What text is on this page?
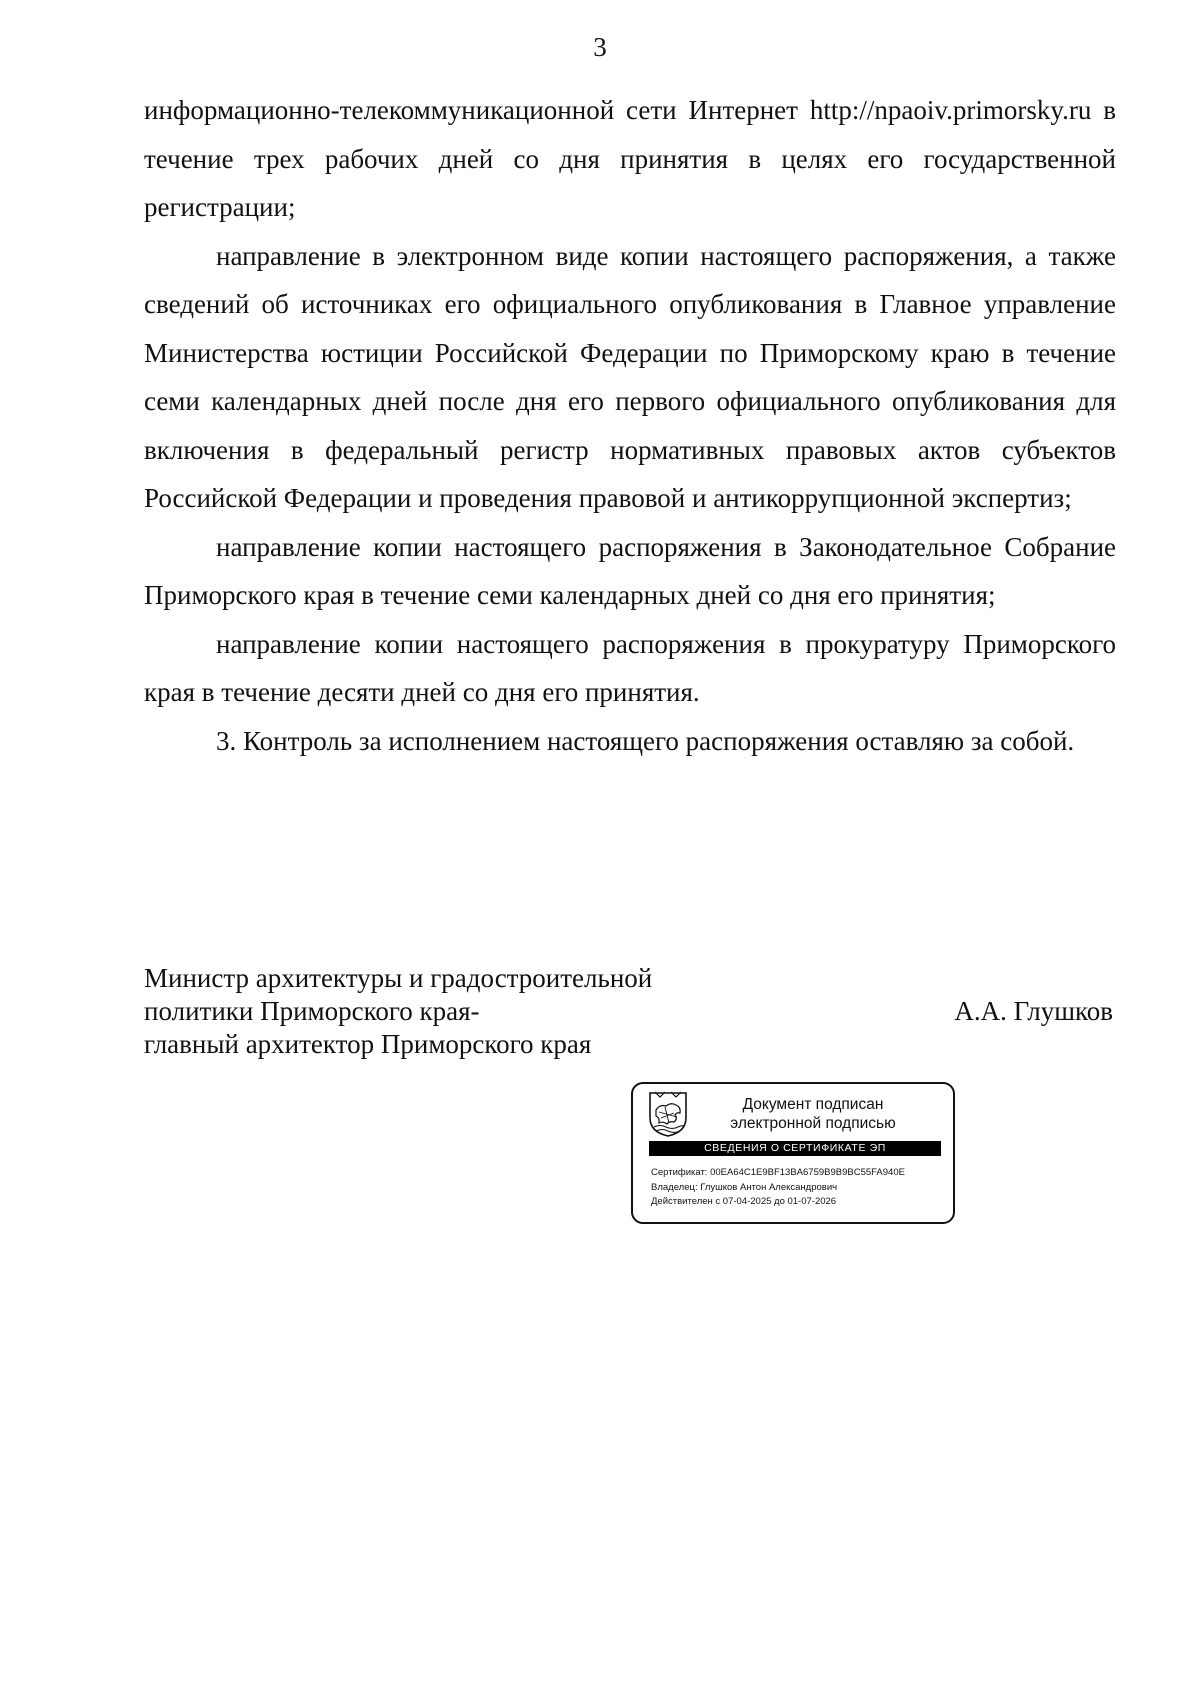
3

информационно-телекоммуникационной сети Интернет http://npaoiv.primorsky.ru в течение трех рабочих дней со дня принятия в целях его государственной регистрации;

направление в электронном виде копии настоящего распоряжения, а также сведений об источниках его официального опубликования в Главное управление Министерства юстиции Российской Федерации по Приморскому краю в течение семи календарных дней после дня его первого официального опубликования для включения в федеральный регистр нормативных правовых актов субъектов Российской Федерации и проведения правовой и антикоррупционной экспертиз;

направление копии настоящего распоряжения в Законодательное Собрание Приморского края в течение семи календарных дней со дня его принятия;

направление копии настоящего распоряжения в прокуратуру Приморского края в течение десяти дней со дня его принятия.

3. Контроль за исполнением настоящего распоряжения оставляю за собой.

Министр архитектуры и градостроительной
политики Приморского края-
главный архитектор Приморского края
А.А. Глушков
Документ подписан
электронной подписью
СВЕДЕНИЯ О СЕРТИФИКАТЕ ЭП
Сертификат: 00EA64C1E9BF13BA6759B9B9BC55FA940E
Владелец: Глушков Антон Александрович
Действителен с 07-04-2025 до 01-07-2026
